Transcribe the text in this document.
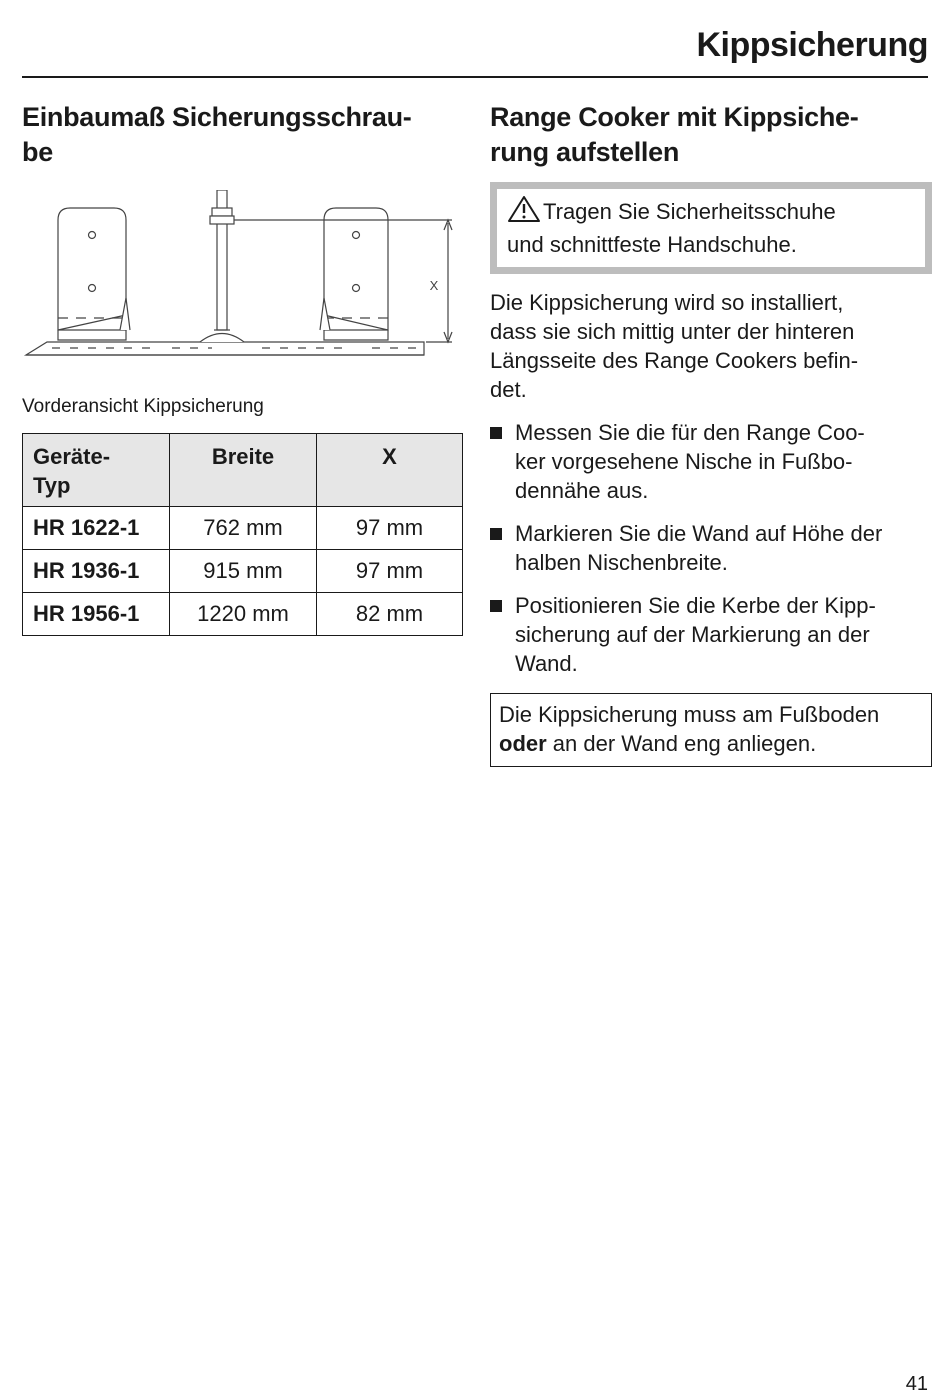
Kippsicherung
Einbaumaß Sicherungsschrau-
be
X
Vorderansicht Kippsicherung
Geräte-
Typ	Breite	X
HR 1622-1	762 mm	97 mm
HR 1936-1	915 mm	97 mm
HR 1956-1	1220 mm	82 mm
Range Cooker mit Kippsiche-
rung aufstellen
Tragen Sie Sicherheitsschuhe
und schnittfeste Handschuhe.
Die Kippsicherung wird so installiert,
dass sie sich mittig unter der hinteren
Längsseite des Range Cookers befin-
det.
Messen Sie die für den Range Coo-
ker vorgesehene Nische in Fußbo-
dennähe aus.
Markieren Sie die Wand auf Höhe der
halben Nischenbreite.
Positionieren Sie die Kerbe der Kipp-
sicherung auf der Markierung an der
Wand.
Die Kippsicherung muss am Fußboden
oder an der Wand eng anliegen.
41
